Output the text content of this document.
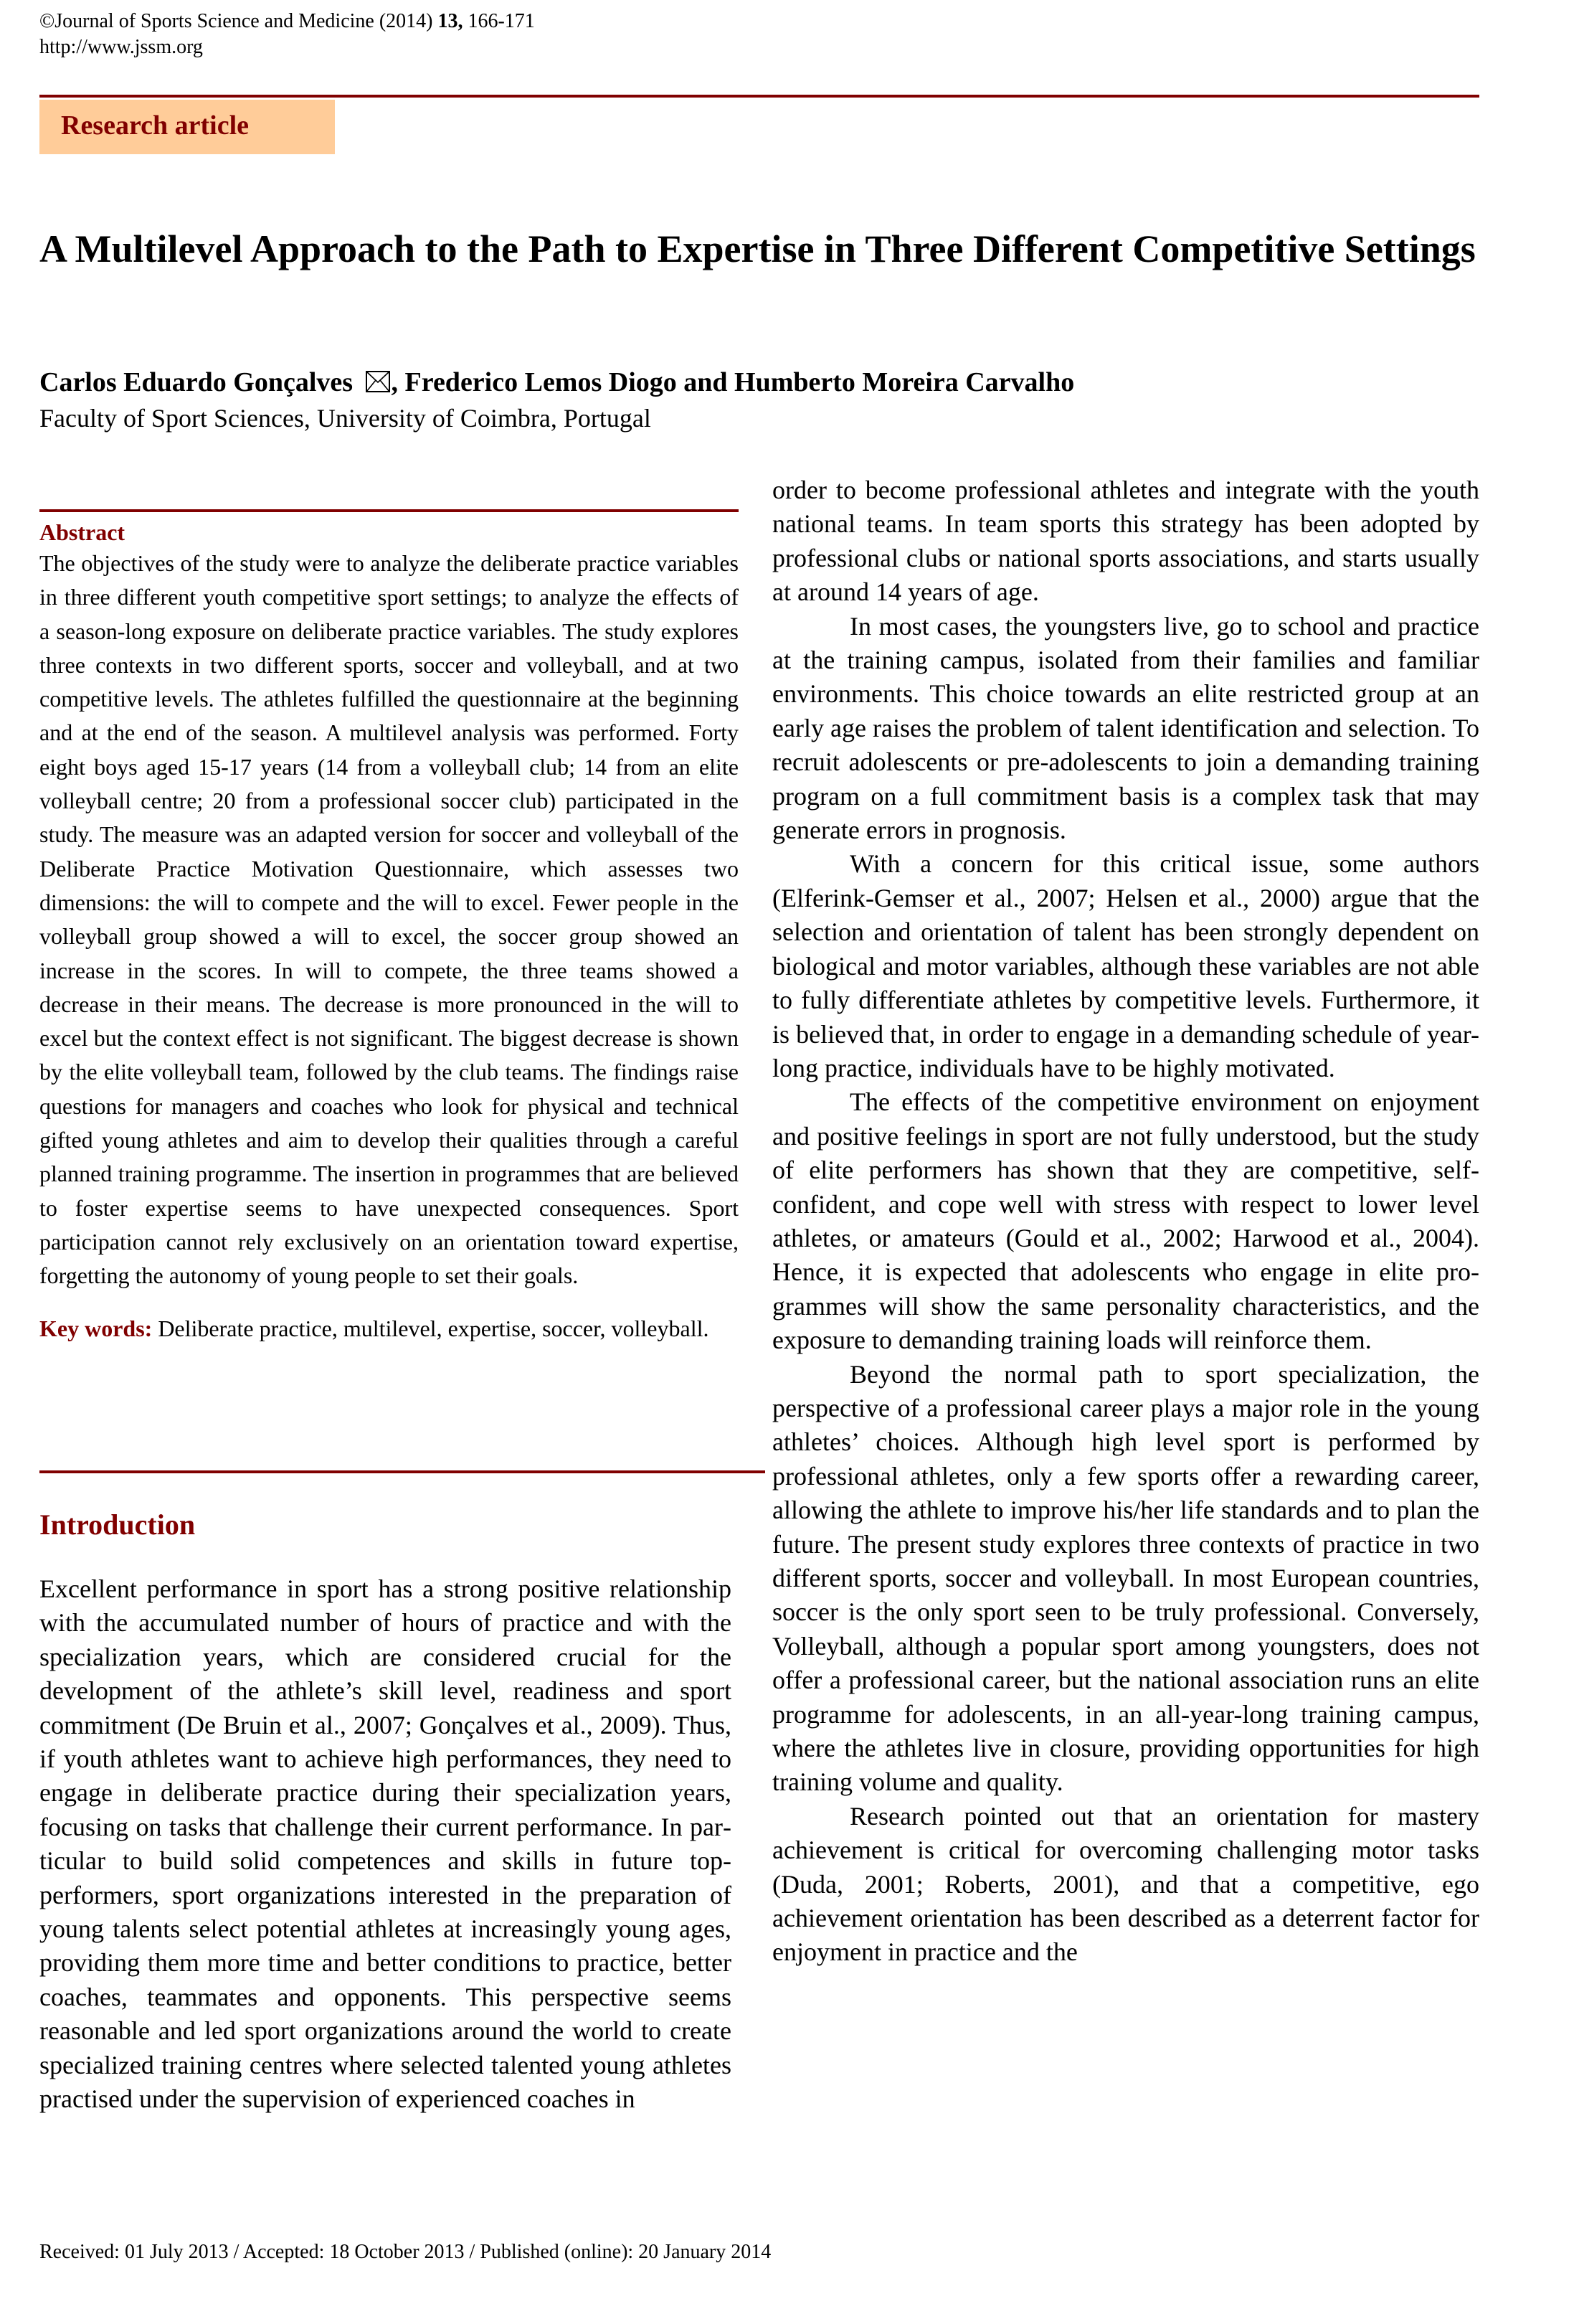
©Journal of Sports Science and Medicine (2014) 13, 166-171
http://www.jssm.org
Research article
A Multilevel Approach to the Path to Expertise in Three Different Competitive Settings
Carlos Eduardo Gonçalves , Frederico Lemos Diogo and Humberto Moreira Carvalho
Faculty of Sport Sciences, University of Coimbra, Portugal
Abstract
The objectives of the study were to analyze the deliberate practice variables in three different youth competitive sport settings; to analyze the effects of a season-long exposure on deliberate practice variables. The study explores three contexts in two different sports, soccer and volleyball, and at two competitive levels. The athletes fulfilled the questionnaire at the beginning and at the end of the season. A multilevel analysis was performed. Forty eight boys aged 15-17 years (14 from a volleyball club; 14 from an elite volleyball centre; 20 from a professional soccer club) participated in the study. The measure was an adapted version for soccer and volleyball of the Deliberate Practice Motivation Questionnaire, which assesses two dimensions: the will to compete and the will to excel. Fewer people in the volleyball group showed a will to excel, the soccer group showed an increase in the scores. In will to compete, the three teams showed a decrease in their means. The decrease is more pronounced in the will to excel but the context effect is not significant. The biggest decrease is shown by the elite volleyball team, followed by the club teams. The findings raise questions for managers and coaches who look for physical and technical gifted young athletes and aim to develop their qualities through a careful planned training programme. The insertion in programmes that are believed to foster expertise seems to have unexpected consequences. Sport participation cannot rely exclusively on an orientation toward expertise, forgetting the autonomy of young people to set their goals.
Key words: Deliberate practice, multilevel, expertise, soccer, volleyball.
Introduction

Excellent performance in sport has a strong positive relationship with the accumulated number of hours of practice and with the specialization years, which are considered crucial for the development of the athlete’s skill level, readiness and sport commitment (De Bruin et al., 2007; Gonçalves et al., 2009). Thus, if youth athletes want to achieve high performances, they need to engage in deliberate practice during their specialization years, focusing on tasks that challenge their current performance. In particular to build solid competences and skills in future top-performers, sport organizations interested in the preparation of young talents select potential athletes at increasingly young ages, providing them more time and better conditions to practice, better coaches, teammates and opponents. This perspective seems reasonable and led sport organizations around the world to create specialized training centres where selected talented young athletes practised under the supervision of experienced coaches in

order to become professional athletes and integrate with the youth national teams. In team sports this strategy has been adopted by professional clubs or national sports associations, and starts usually at around 14 years of age.

In most cases, the youngsters live, go to school and practice at the training campus, isolated from their families and familiar environments. This choice towards an elite restricted group at an early age raises the problem of talent identification and selection. To recruit adolescents or pre-adolescents to join a demanding training program on a full commitment basis is a complex task that may generate errors in prognosis.

With a concern for this critical issue, some authors (Elferink-Gemser et al., 2007; Helsen et al., 2000) argue that the selection and orientation of talent has been strongly dependent on biological and motor variables, although these variables are not able to fully differentiate athletes by competitive levels. Furthermore, it is believed that, in order to engage in a demanding schedule of year-long practice, individuals have to be highly motivated.

The effects of the competitive environment on enjoyment and positive feelings in sport are not fully understood, but the study of elite performers has shown that they are competitive, self-confident, and cope well with stress with respect to lower level athletes, or amateurs (Gould et al., 2002; Harwood et al., 2004). Hence, it is expected that adolescents who engage in elite programmes will show the same personality characteristics, and the exposure to demanding training loads will reinforce them.

Beyond the normal path to sport specialization, the perspective of a professional career plays a major role in the young athletes’ choices. Although high level sport is performed by professional athletes, only a few sports offer a rewarding career, allowing the athlete to improve his/her life standards and to plan the future. The present study explores three contexts of practice in two different sports, soccer and volleyball. In most European countries, soccer is the only sport seen to be truly professional. Conversely, Volleyball, although a popular sport among youngsters, does not offer a professional career, but the national association runs an elite programme for adolescents, in an all-year-long training campus, where the athletes live in closure, providing opportunities for high training volume and quality.

Research pointed out that an orientation for mastery achievement is critical for overcoming challenging motor tasks (Duda, 2001; Roberts, 2001), and that a competitive, ego achievement orientation has been described as a deterrent factor for enjoyment in practice and the

Received: 01 July 2013 / Accepted: 18 October 2013 / Published (online): 20 January 2014
